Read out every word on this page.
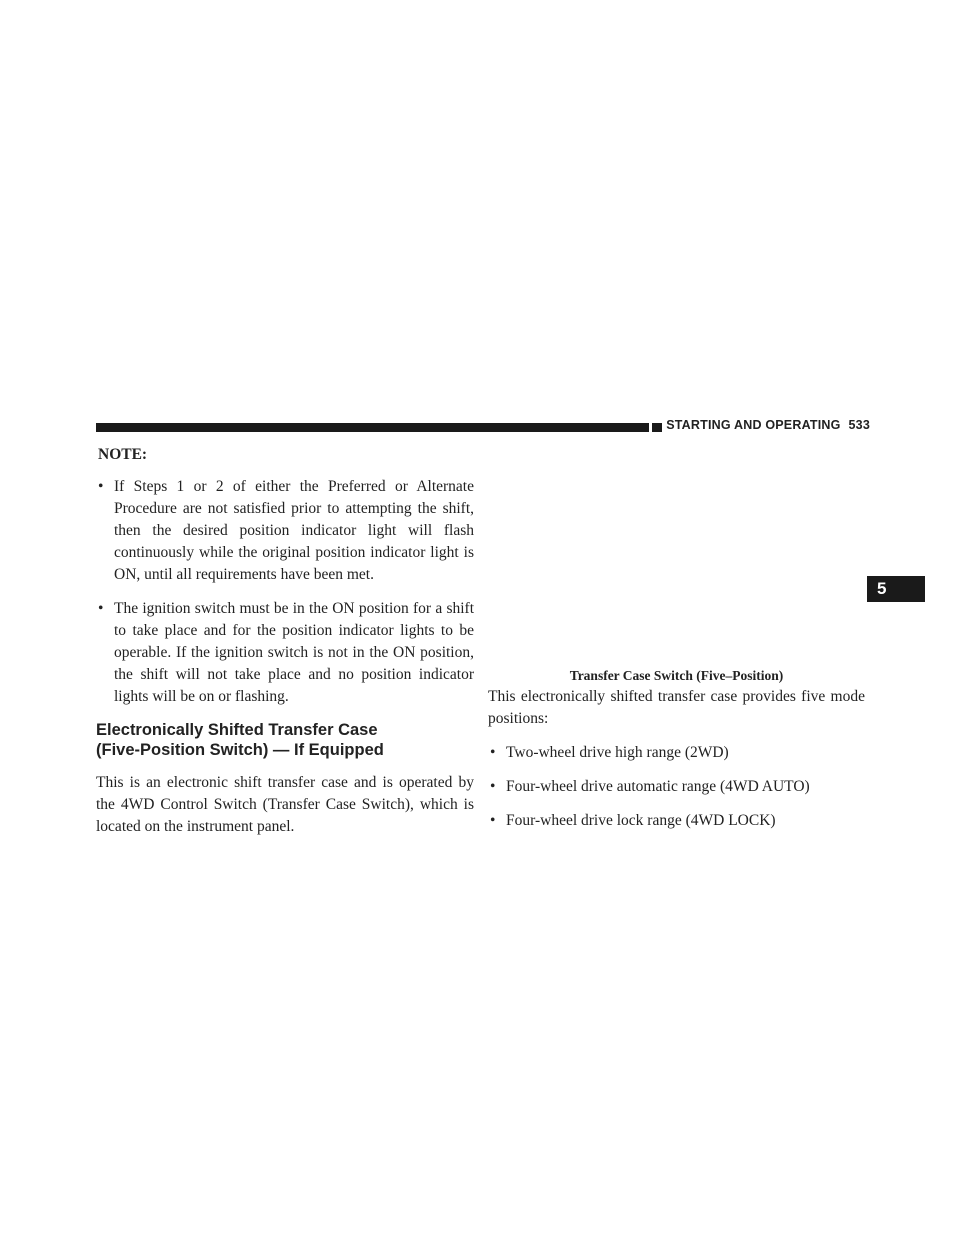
STARTING AND OPERATING 533
5
NOTE:
• If Steps 1 or 2 of either the Preferred or Alternate Procedure are not satisfied prior to attempting the shift, then the desired position indicator light will flash continuously while the original position indicator light is ON, until all requirements have been met.
• The ignition switch must be in the ON position for a shift to take place and for the position indicator lights to be operable. If the ignition switch is not in the ON position, the shift will not take place and no position indicator lights will be on or flashing.
Electronically Shifted Transfer Case
(Five-Position Switch) — If Equipped

This is an electronic shift transfer case and is operated by the 4WD Control Switch (Transfer Case Switch), which is located on the instrument panel.

Transfer Case Switch (Five–Position)

This electronically shifted transfer case provides five mode positions:

• Two-wheel drive high range (2WD)
• Four-wheel drive automatic range (4WD AUTO)
• Four-wheel drive lock range (4WD LOCK)
